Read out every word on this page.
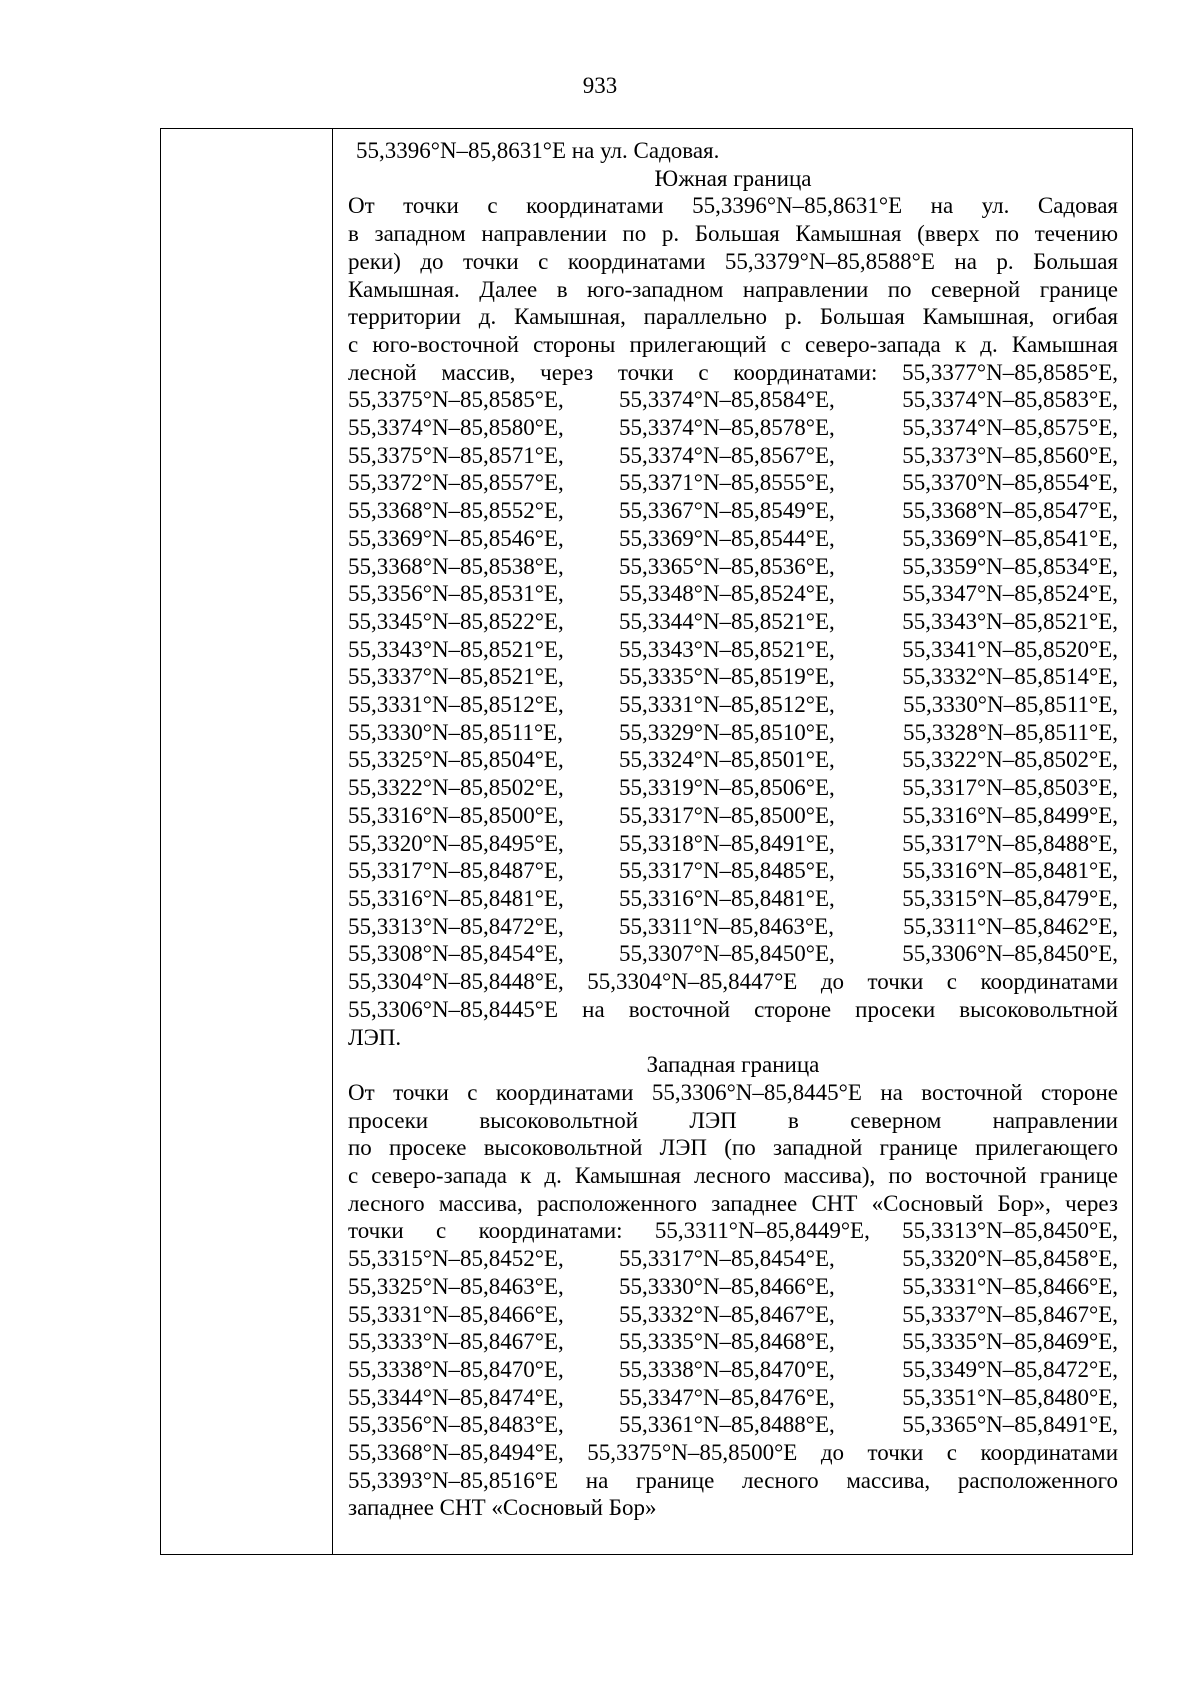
933
55,3396°N–85,8631°E на ул. Садовая.
Южная граница
От точки с координатами 55,3396°N–85,8631°E на ул. Садовая
в западном направлении по р. Большая Камышная (вверх по течению
реки) до точки с координатами 55,3379°N–85,8588°E на р. Большая
Камышная. Далее в юго-западном направлении по северной границе
территории д. Камышная, параллельно р. Большая Камышная, огибая
с юго-восточной стороны прилегающий с северо-запада к д. Камышная
лесной массив, через точки с координатами: 55,3377°N–85,8585°E,
55,3375°N–85,8585°E,	55,3374°N–85,8584°E,	55,3374°N–85,8583°E,
55,3374°N–85,8580°E,	55,3374°N–85,8578°E,	55,3374°N–85,8575°E,
55,3375°N–85,8571°E,	55,3374°N–85,8567°E,	55,3373°N–85,8560°E,
55,3372°N–85,8557°E,	55,3371°N–85,8555°E,	55,3370°N–85,8554°E,
55,3368°N–85,8552°E,	55,3367°N–85,8549°E,	55,3368°N–85,8547°E,
55,3369°N–85,8546°E,	55,3369°N–85,8544°E,	55,3369°N–85,8541°E,
55,3368°N–85,8538°E,	55,3365°N–85,8536°E,	55,3359°N–85,8534°E,
55,3356°N–85,8531°E,	55,3348°N–85,8524°E,	55,3347°N–85,8524°E,
55,3345°N–85,8522°E,	55,3344°N–85,8521°E,	55,3343°N–85,8521°E,
55,3343°N–85,8521°E,	55,3343°N–85,8521°E,	55,3341°N–85,8520°E,
55,3337°N–85,8521°E,	55,3335°N–85,8519°E,	55,3332°N–85,8514°E,
55,3331°N–85,8512°E,	55,3331°N–85,8512°E,	55,3330°N–85,8511°E,
55,3330°N–85,8511°E,	55,3329°N–85,8510°E,	55,3328°N–85,8511°E,
55,3325°N–85,8504°E,	55,3324°N–85,8501°E,	55,3322°N–85,8502°E,
55,3322°N–85,8502°E,	55,3319°N–85,8506°E,	55,3317°N–85,8503°E,
55,3316°N–85,8500°E,	55,3317°N–85,8500°E,	55,3316°N–85,8499°E,
55,3320°N–85,8495°E,	55,3318°N–85,8491°E,	55,3317°N–85,8488°E,
55,3317°N–85,8487°E,	55,3317°N–85,8485°E,	55,3316°N–85,8481°E,
55,3316°N–85,8481°E,	55,3316°N–85,8481°E,	55,3315°N–85,8479°E,
55,3313°N–85,8472°E,	55,3311°N–85,8463°E,	55,3311°N–85,8462°E,
55,3308°N–85,8454°E,	55,3307°N–85,8450°E,	55,3306°N–85,8450°E,
55,3304°N–85,8448°E, 55,3304°N–85,8447°E до точки с координатами
55,3306°N–85,8445°E на восточной стороне просеки высоковольтной
ЛЭП.
Западная граница
От точки с координатами 55,3306°N–85,8445°E на восточной стороне
просеки высоковольтной ЛЭП в северном направлении
по просеке высоковольтной ЛЭП (по западной границе прилегающего
с северо-запада к д. Камышная лесного массива), по восточной границе
лесного массива, расположенного западнее СНТ «Сосновый Бор», через
точки с координатами: 55,3311°N–85,8449°E, 55,3313°N–85,8450°E,
55,3315°N–85,8452°E,	55,3317°N–85,8454°E,	55,3320°N–85,8458°E,
55,3325°N–85,8463°E,	55,3330°N–85,8466°E,	55,3331°N–85,8466°E,
55,3331°N–85,8466°E,	55,3332°N–85,8467°E,	55,3337°N–85,8467°E,
55,3333°N–85,8467°E,	55,3335°N–85,8468°E,	55,3335°N–85,8469°E,
55,3338°N–85,8470°E,	55,3338°N–85,8470°E,	55,3349°N–85,8472°E,
55,3344°N–85,8474°E,	55,3347°N–85,8476°E,	55,3351°N–85,8480°E,
55,3356°N–85,8483°E,	55,3361°N–85,8488°E,	55,3365°N–85,8491°E,
55,3368°N–85,8494°E, 55,3375°N–85,8500°E до точки с координатами
55,3393°N–85,8516°E на границе лесного массива, расположенного
западнее СНТ «Сосновый Бор»
